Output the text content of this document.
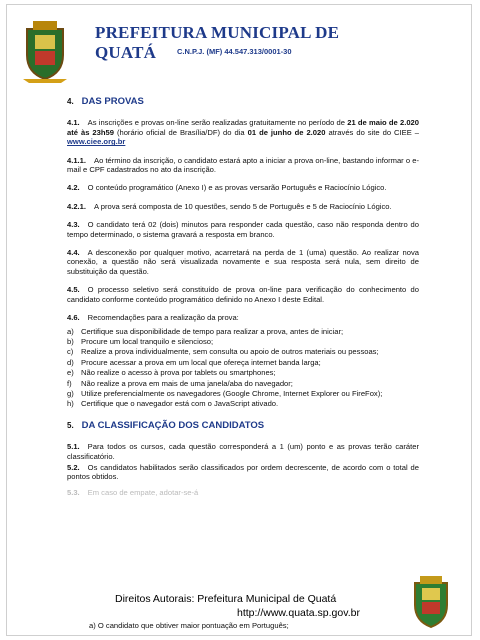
PREFEITURA MUNICIPAL DE QUATÁ	C.N.P.J. (MF) 44.547.313/0001-30
4. DAS PROVAS

4.1. As inscrições e provas on-line serão realizadas gratuitamente no período de 21 de maio de 2.020 até às 23h59 (horário oficial de Brasília/DF) do dia 01 de junho de 2.020 através do site do CIEE – www.ciee.org.br

4.1.1. Ao término da inscrição, o candidato estará apto a iniciar a prova on-line, bastando informar o e-mail e CPF cadastrados no ato da inscrição.

4.2. O conteúdo programático (Anexo I) e as provas versarão Português e Raciocínio Lógico.

4.2.1. A prova será composta de 10 questões, sendo 5 de Português e 5 de Raciocínio Lógico.

4.3. O candidato terá 02 (dois) minutos para responder cada questão, caso não responda dentro do tempo determinado, o sistema gravará a resposta em branco.

4.4. A desconexão por qualquer motivo, acarretará na perda de 1 (uma) questão. Ao realizar nova conexão, a questão não será visualizada novamente e sua resposta será nula, sem direito de substituição da questão.

4.5. O processo seletivo será constituído de prova on-line para verificação do conhecimento do candidato conforme conteúdo programático definido no Anexo I deste Edital.

4.6. Recomendações para a realização da prova:

a) Certifique sua disponibilidade de tempo para realizar a prova, antes de iniciar;
b) Procure um local tranquilo e silencioso;
c)	Realize a prova individualmente, sem consulta ou apoio de outros materiais ou pessoas;
d) Procure acessar a prova em um local que ofereça internet banda larga;
e) Não realize o acesso à prova por tablets ou smartphones;
f)	Não realize a prova em mais de uma janela/aba do navegador;
g) Utilize preferencialmente os navegadores (Google Chrome, Internet Explorer ou FireFox);
h) Certifique que o navegador está com o JavaScript ativado.
5. DA CLASSIFICAÇÃO DOS CANDIDATOS

5.1. Para todos os cursos, cada questão corresponderá a 1 (um) ponto e as provas terão caráter classificatório.

5.2. Os candidatos habilitados serão classificados por ordem decrescente, de acordo com o total de pontos obtidos.

5.3. Em caso de empate, adotar-se-á

Direitos Autorais: Prefeitura Municipal de Quatá
http://www.quata.sp.gov.br
a) O candidato que obtiver maior pontuação em Português;
